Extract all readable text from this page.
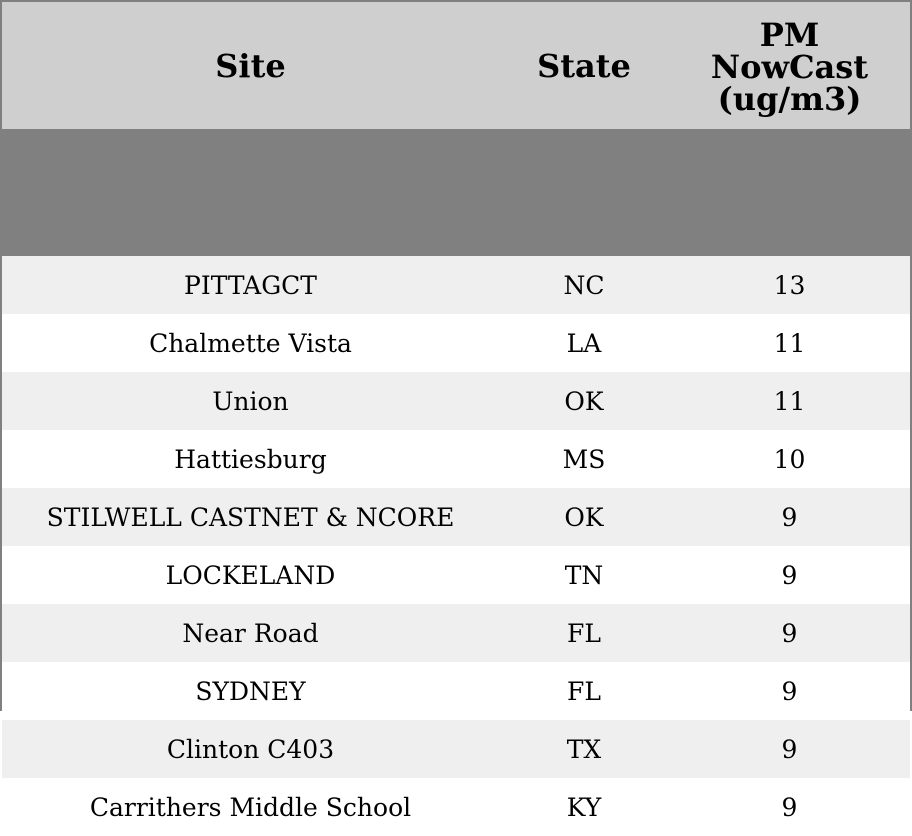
Site	State	PM
NowCast
(ug/m3)

PITTAGCT	NC	13
Chalmette Vista	LA	11
Union	OK	11
Hattiesburg	MS	10
STILWELL CASTNET & NCORE	OK	9
LOCKELAND	TN	9
Near Road	FL	9
SYDNEY	FL	9
Clinton C403	TX	9
Carrithers Middle School	KY	9
